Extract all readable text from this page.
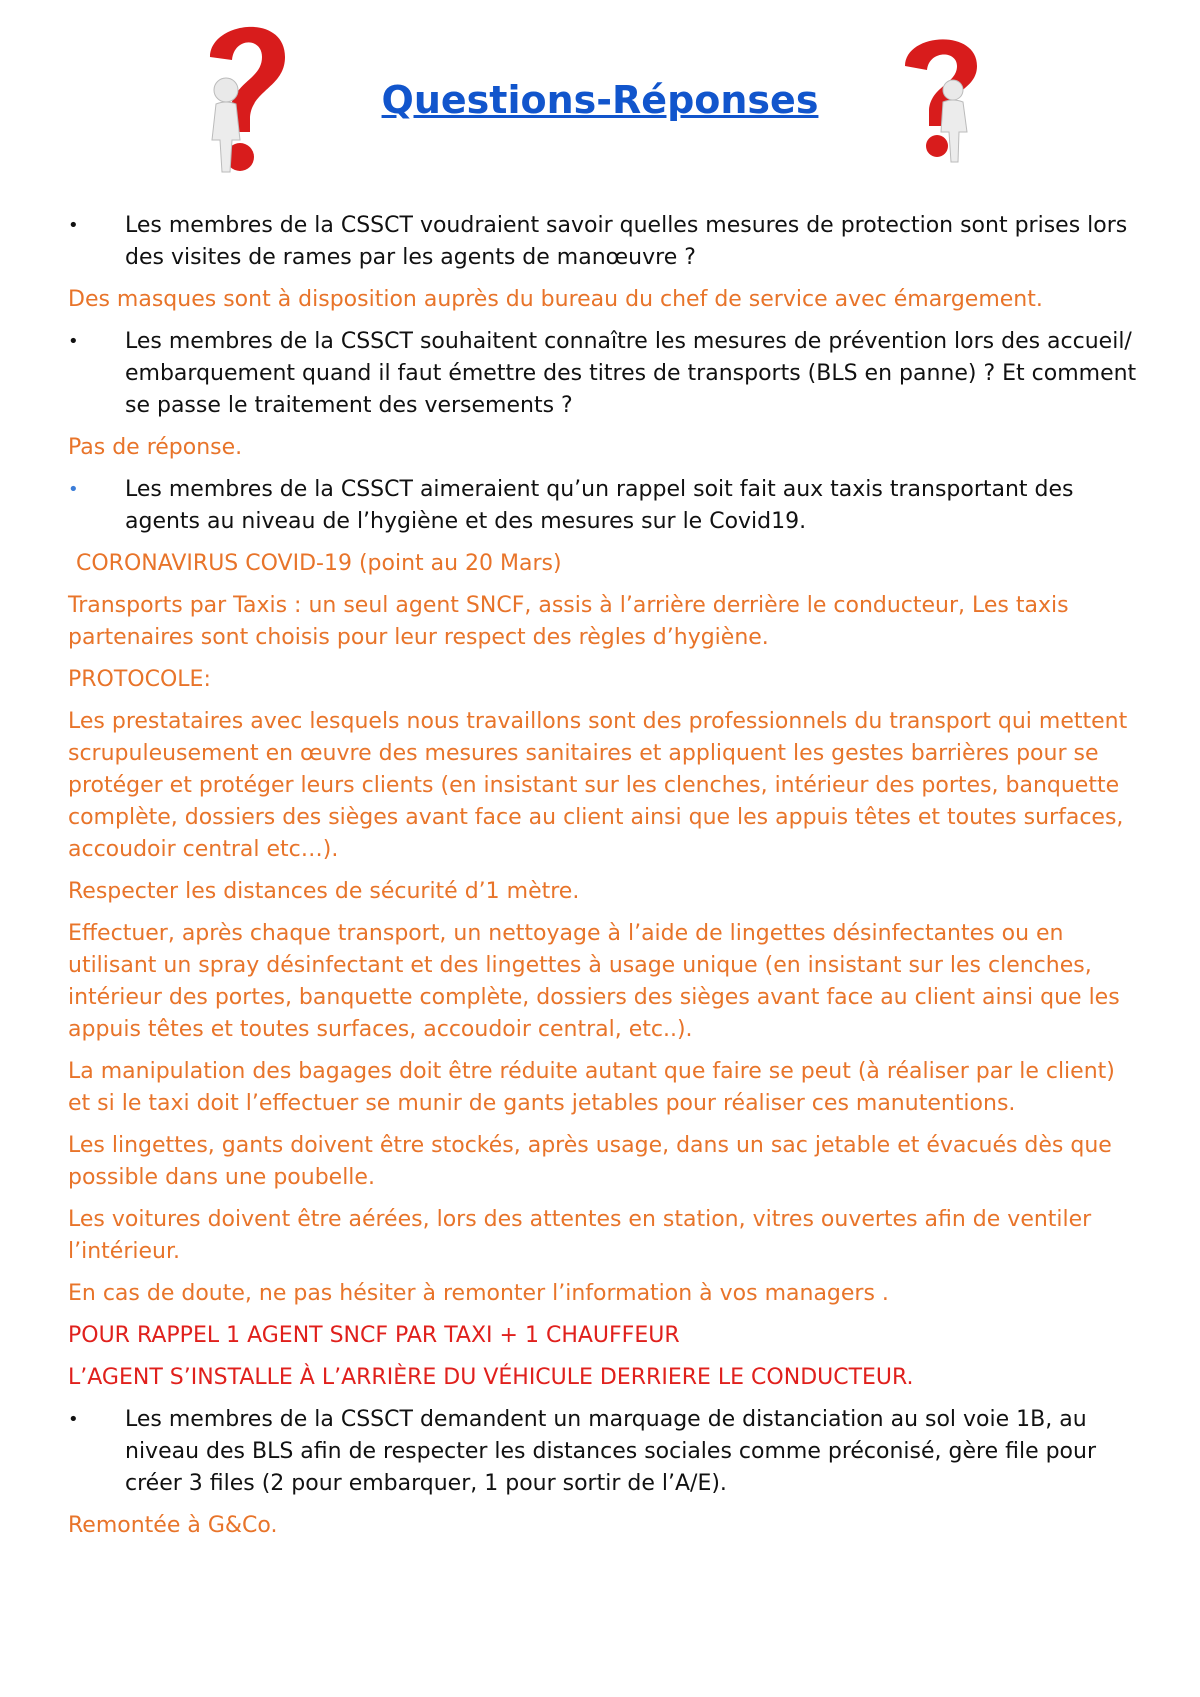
Questions-Réponses
• Les membres de la CSSCT voudraient savoir quelles mesures de protection sont prises lors des visites de rames par les agents de manœuvre ?
Des masques sont à disposition auprès du bureau du chef de service avec émargement.
• Les membres de la CSSCT souhaitent connaître les mesures de prévention lors des accueil/ embarquement quand il faut émettre des titres de transports (BLS en panne) ? Et comment se passe le traitement des versements ?
Pas de réponse.
• Les membres de la CSSCT aimeraient qu’un rappel soit fait aux taxis transportant des agents au niveau de l’hygiène et des mesures sur le Covid19.
CORONAVIRUS COVID-19 (point au 20 Mars)
Transports par Taxis : un seul agent SNCF, assis à l’arrière derrière le conducteur, Les taxis partenaires sont choisis pour leur respect des règles d’hygiène.
PROTOCOLE:
Les prestataires avec lesquels nous travaillons sont des professionnels du transport qui mettent scrupuleusement en œuvre des mesures sanitaires et appliquent les gestes barrières pour se protéger et protéger leurs clients (en insistant sur les clenches, intérieur des portes, banquette complète, dossiers des sièges avant face au client ainsi que les appuis têtes et toutes surfaces, accoudoir central etc…).
Respecter les distances de sécurité d’1 mètre.
Effectuer, après chaque transport, un nettoyage à l’aide de lingettes désinfectantes ou en utilisant un spray désinfectant et des lingettes à usage unique (en insistant sur les clenches, intérieur des portes, banquette complète, dossiers des sièges avant face au client ainsi que les appuis têtes et toutes surfaces, accoudoir central, etc..).
La manipulation des bagages doit être réduite autant que faire se peut (à réaliser par le client) et si le taxi doit l’effectuer se munir de gants jetables pour réaliser ces manutentions.
Les lingettes, gants doivent être stockés, après usage, dans un sac jetable et évacués dès que possible dans une poubelle.
Les voitures doivent être aérées, lors des attentes en station, vitres ouvertes afin de ventiler l’intérieur.
En cas de doute, ne pas hésiter à remonter l’information à vos managers .
POUR RAPPEL 1 AGENT SNCF PAR TAXI + 1 CHAUFFEUR
L’AGENT S’INSTALLE À L’ARRIÈRE DU VÉHICULE DERRIERE LE CONDUCTEUR.
• Les membres de la CSSCT demandent un marquage de distanciation au sol voie 1B, au niveau des BLS afin de respecter les distances sociales comme préconisé, gère file pour créer 3 files (2 pour embarquer, 1 pour sortir de l’A/E).
Remontée à G&Co.
